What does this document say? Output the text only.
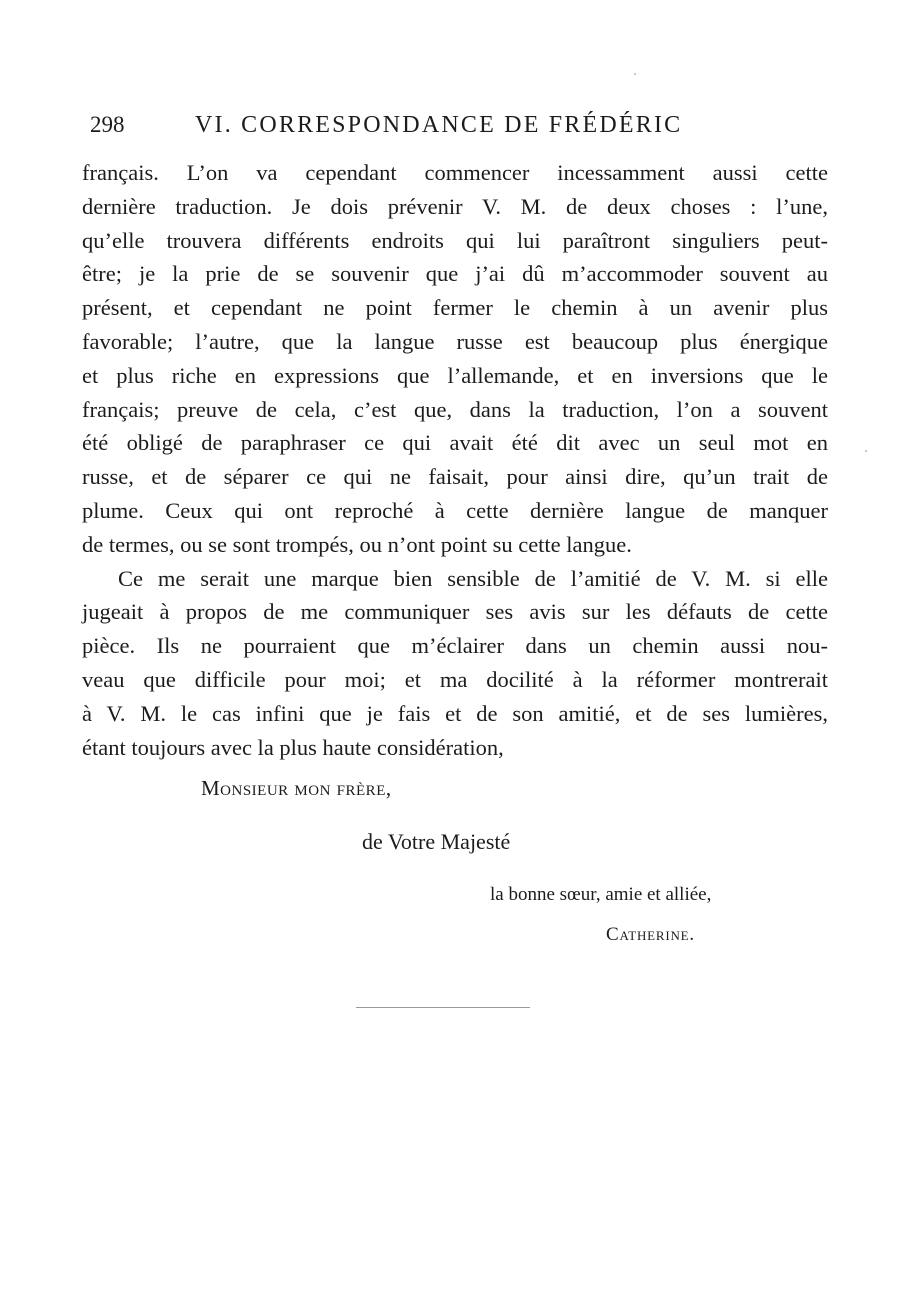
298	VI. CORRESPONDANCE DE FRÉDÉRIC

français. L’on va cependant commencer incessamment aussi cette
dernière traduction. Je dois prévenir V. M. de deux choses : l’une,
qu’elle trouvera différents endroits qui lui paraîtront singuliers peut-
être; je la prie de se souvenir que j’ai dû m’accommoder souvent au
présent, et cependant ne point fermer le chemin à un avenir plus
favorable; l’autre, que la langue russe est beaucoup plus énergique
et plus riche en expressions que l’allemande, et en inversions que le
français; preuve de cela, c’est que, dans la traduction, l’on a souvent
été obligé de paraphraser ce qui avait été dit avec un seul mot en
russe, et de séparer ce qui ne faisait, pour ainsi dire, qu’un trait de
plume. Ceux qui ont reproché à cette dernière langue de manquer
de termes, ou se sont trompés, ou n’ont point su cette langue.

Ce me serait une marque bien sensible de l’amitié de V. M. si elle
jugeait à propos de me communiquer ses avis sur les défauts de cette
pièce. Ils ne pourraient que m’éclairer dans un chemin aussi nou-
veau que difficile pour moi; et ma docilité à la réformer montrerait
à V. M. le cas infini que je fais et de son amitié, et de ses lumières,
étant toujours avec la plus haute considération,

Monsieur mon frère,
de Votre Majesté
la bonne sœur, amie et alliée,
Catherine.
